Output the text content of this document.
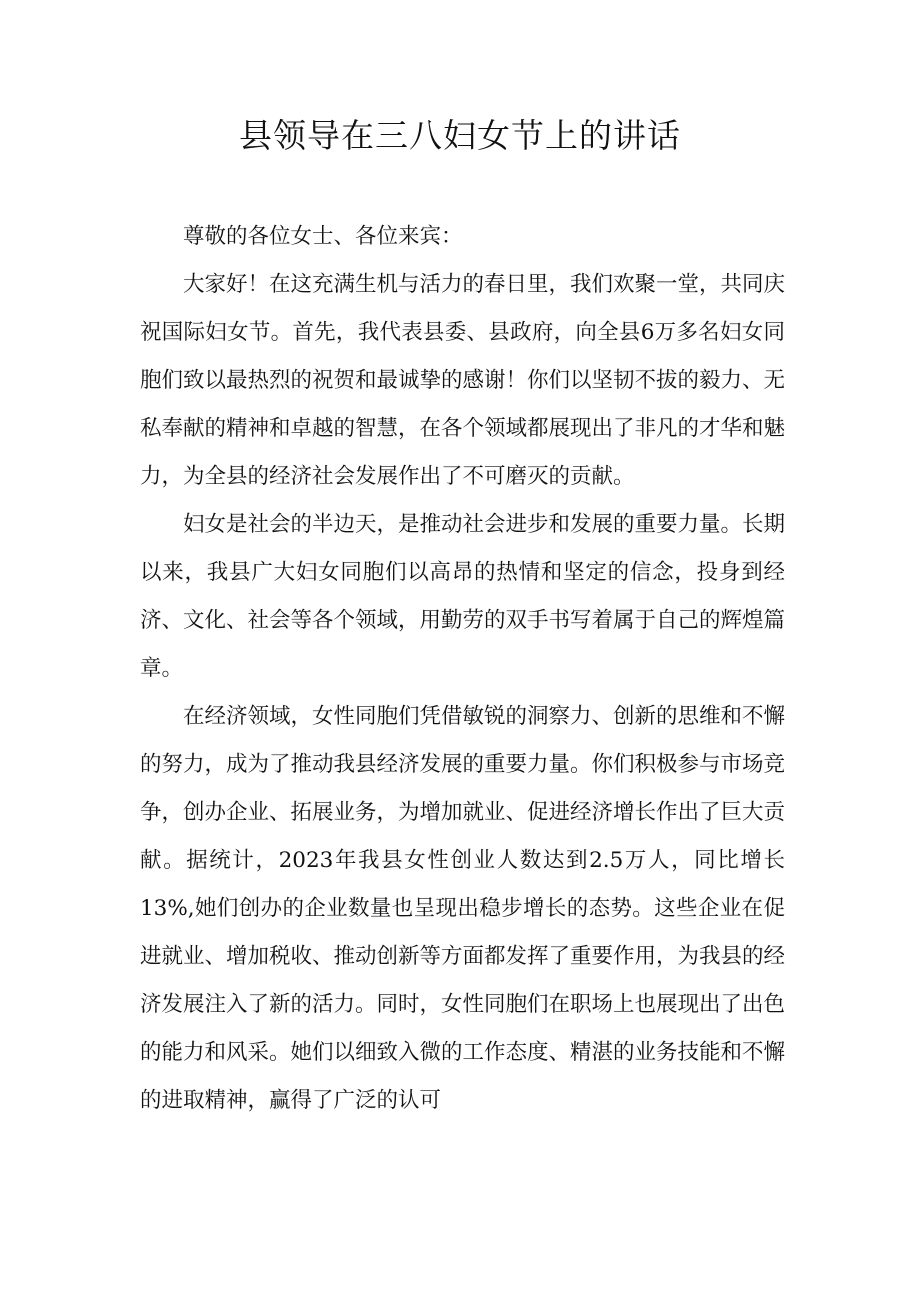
县领导在三八妇女节上的讲话

尊敬的各位女士、各位来宾：

大家好！在这充满生机与活力的春日里，我们欢聚一堂，共同庆祝国际妇女节。首先，我代表县委、县政府，向全县6万多名妇女同胞们致以最热烈的祝贺和最诚挚的感谢！你们以坚韧不拔的毅力、无私奉献的精神和卓越的智慧，在各个领域都展现出了非凡的才华和魅力，为全县的经济社会发展作出了不可磨灭的贡献。

妇女是社会的半边天，是推动社会进步和发展的重要力量。长期以来，我县广大妇女同胞们以高昂的热情和坚定的信念，投身到经济、文化、社会等各个领域，用勤劳的双手书写着属于自己的辉煌篇章。

在经济领域，女性同胞们凭借敏锐的洞察力、创新的思维和不懈的努力，成为了推动我县经济发展的重要力量。你们积极参与市场竞争，创办企业、拓展业务，为增加就业、促进经济增长作出了巨大贡献。据统计，2023年我县女性创业人数达到2.5万人，同比增长13%,她们创办的企业数量也呈现出稳步增长的态势。这些企业在促进就业、增加税收、推动创新等方面都发挥了重要作用，为我县的经济发展注入了新的活力。同时，女性同胞们在职场上也展现出了出色的能力和风采。她们以细致入微的工作态度、精湛的业务技能和不懈的进取精神，赢得了广泛的认可
